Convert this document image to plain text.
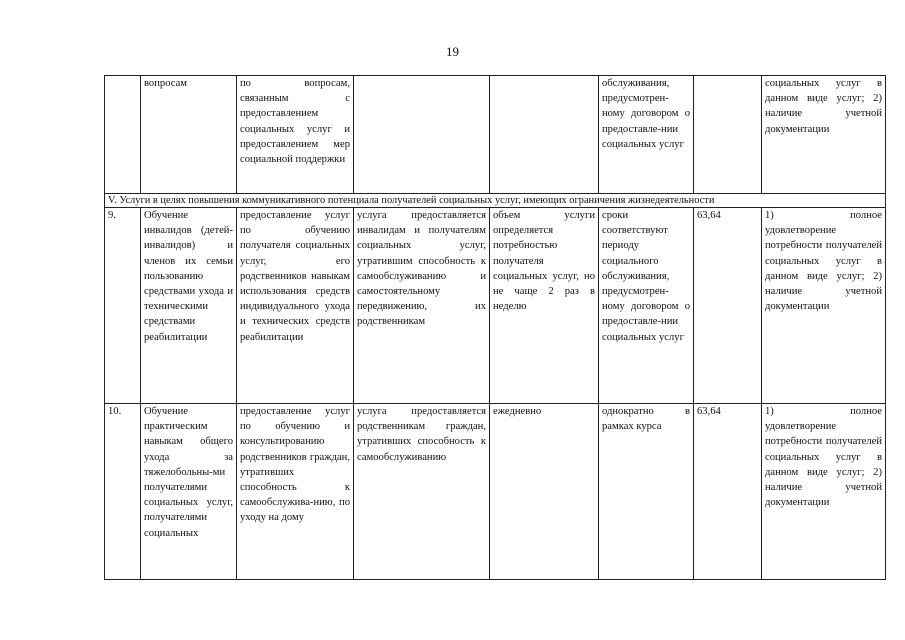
19
	вопросам	по вопросам, связанным с предоставлением социальных услуг и предоставлением мер социальной поддержки			обслуживания, предусмотрен-ному договором о предоставле-нии социальных услуг		социальных услуг в данном виде услуг; 2) наличие учетной документации
V. Услуги в целях повышения коммуникативного потенциала получателей социальных услуг, имеющих ограничения жизнедеятельности							
9.	Обучение инвалидов (детей-инвалидов) и членов их семьи пользованию средствами ухода и техническими средствами реабилитации	предоставление услуг по обучению получателя социальных услуг, его родственников навыкам использования средств индивидуального ухода и технических средств реабилитации	услуга предоставляется инвалидам и получателям социальных услуг, утратившим способность к самообслуживанию и самостоятельному передвижению, их родственникам	объем услуги определяется потребностью получателя социальных услуг, но не чаще 2 раз в неделю	сроки соответствуют периоду социального обслуживания, предусмотрен-ному договором о предоставле-нии социальных услуг	63,64	1) полное удовлетворение потребности получателей социальных услуг в данном виде услуг; 2) наличие учетной документации
10.	Обучение практическим навыкам общего ухода за тяжелобольны-ми получателями социальных услуг, получателями социальных	предоставление услуг по обучению и консультированию родственников граждан, утративших способность к самообслужива-нию, по уходу на дому	услуга предоставляется родственникам граждан, утративших способность к самообслуживанию	ежедневно	однократно в рамках курса	63,64	1) полное удовлетворение потребности получателей социальных услуг в данном виде услуг; 2) наличие учетной документации
